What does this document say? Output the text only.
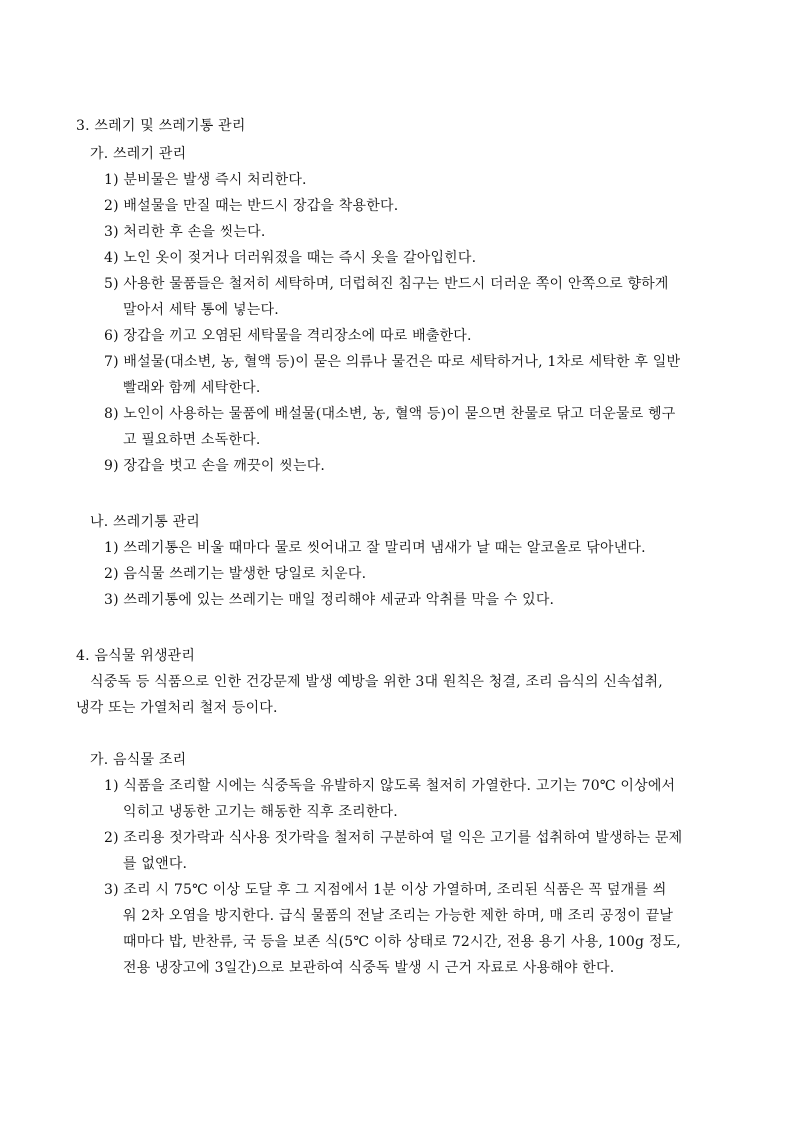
3. 쓰레기 및 쓰레기통 관리
가. 쓰레기 관리
1) 분비물은 발생 즉시 처리한다.
2) 배설물을 만질 때는 반드시 장갑을 착용한다.
3) 처리한 후 손을 씻는다.
4) 노인 옷이 젖거나 더러워졌을 때는 즉시 옷을 갈아입힌다.
5) 사용한 물품들은 철저히 세탁하며, 더럽혀진 침구는 반드시 더러운 쪽이 안쪽으로 향하게
말아서 세탁 통에 넣는다.
6) 장갑을 끼고 오염된 세탁물을 격리장소에 따로 배출한다.
7) 배설물(대소변, 농, 혈액 등)이 묻은 의류나 물건은 따로 세탁하거나, 1차로 세탁한 후 일반
빨래와 함께 세탁한다.
8) 노인이 사용하는 물품에 배설물(대소변, 농, 혈액 등)이 묻으면 찬물로 닦고 더운물로 헹구
고 필요하면 소독한다.
9) 장갑을 벗고 손을 깨끗이 씻는다.
나. 쓰레기통 관리
1) 쓰레기통은 비울 때마다 물로 씻어내고 잘 말리며 냄새가 날 때는 알코올로 닦아낸다.
2) 음식물 쓰레기는 발생한 당일로 치운다.
3) 쓰레기통에 있는 쓰레기는 매일 정리해야 세균과 악취를 막을 수 있다.
4. 음식물 위생관리
식중독 등 식품으로 인한 건강문제 발생 예방을 위한 3대 원칙은 청결, 조리 음식의 신속섭취,
냉각 또는 가열처리 철저 등이다.
가. 음식물 조리
1) 식품을 조리할 시에는 식중독을 유발하지 않도록 철저히 가열한다. 고기는 70℃ 이상에서
익히고 냉동한 고기는 해동한 직후 조리한다.
2) 조리용 젓가락과 식사용 젓가락을 철저히 구분하여 덜 익은 고기를 섭취하여 발생하는 문제
를 없앤다.
3) 조리 시 75℃ 이상 도달 후 그 지점에서 1분 이상 가열하며, 조리된 식품은 꼭 덮개를 씌
워 2차 오염을 방지한다. 급식 물품의 전날 조리는 가능한 제한 하며, 매 조리 공정이 끝날
때마다 밥, 반찬류, 국 등을 보존 식(5℃ 이하 상태로 72시간, 전용 용기 사용, 100g 정도,
전용 냉장고에 3일간)으로 보관하여 식중독 발생 시 근거 자료로 사용해야 한다.
